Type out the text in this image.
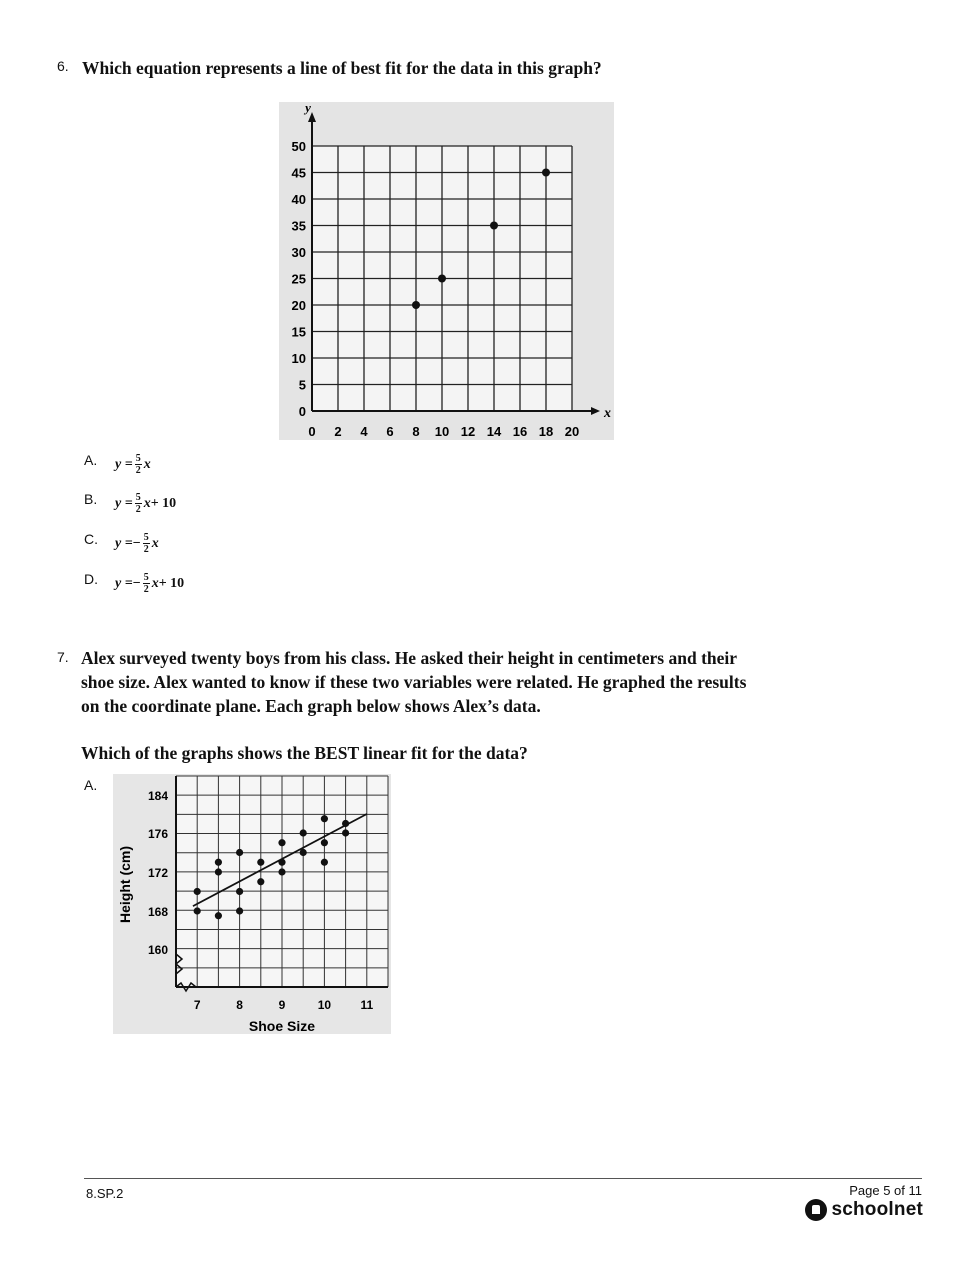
6. Which equation represents a line of best fit for the data in this graph?
x
y
0 2 4 6 8 10 12 14 16 18 20
0
5
10
15
20
25
30
35
40
45
50
A. $y = \frac{5}{2}$ x
B. $y = \frac{5}{2}$ x + 10
C. y = − $\frac{5}{2}$ x
D. y = − $\frac{5}{2}$ x + 10
7. Alex surveyed twenty boys from his class. He asked their height in centimeters and their
shoe size. Alex wanted to know if these two variables were related. He graphed the results
on the coordinate plane. Each graph below shows Alex’s data.
Which of the graphs shows the BEST linear fit for the data?
A.
160
168
172
176
184
7	8	9	10 11
Shoe Size
Height (cm)
8.SP.2	Page 5 of 11
schoolnet
